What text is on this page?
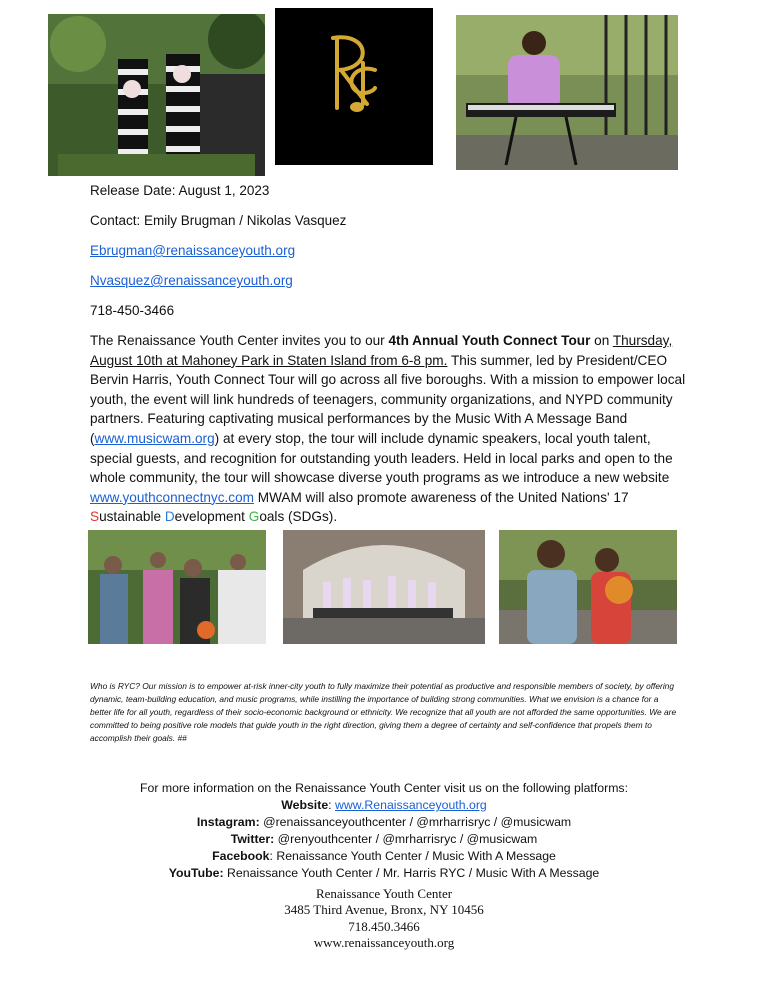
Release Date: August 1, 2023
Contact: Emily Brugman / Nikolas Vasquez
Ebrugman@renaissanceyouth.org
Nvasquez@renaissanceyouth.org
718-450-3466
The Renaissance Youth Center invites you to our 4th Annual Youth Connect Tour on Thursday, August 10th at Mahoney Park in Staten Island from 6-8 pm. This summer, led by President/CEO Bervin Harris, Youth Connect Tour will go across all five boroughs. With a mission to empower local youth, the event will link hundreds of teenagers, community organizations, and NYPD community partners. Featuring captivating musical performances by the Music With A Message Band (www.musicwam.org) at every stop, the tour will include dynamic speakers, local youth talent, special guests, and recognition for outstanding youth leaders. Held in local parks and open to the whole community, the tour will showcase diverse youth programs as we introduce a new website www.youthconnectnyc.com MWAM will also promote awareness of the United Nations' 17 Sustainable Development Goals (SDGs).
Who is RYC? Our mission is to empower at-risk inner-city youth to fully maximize their potential as productive and responsible members of society, by offering dynamic, team-building education, and music programs, while instilling the importance of building strong communities. What we envision is a chance for a better life for all youth, regardless of their socio-economic background or ethnicity. We recognize that all youth are not afforded the same opportunities. We are committed to being positive role models that guide youth in the right direction, giving them a degree of certainty and self-confidence that propels them to accomplish their goals. ##
For more information on the Renaissance Youth Center visit us on the following platforms:
Website: www.Renaissanceyouth.org
Instagram: @renaissanceyouthcenter / @mrharrisryc / @musicwam
Twitter: @renyouthcenter / @mrharrisryc / @musicwam
Facebook: Renaissance Youth Center / Music With A Message
YouTube: Renaissance Youth Center / Mr. Harris RYC / Music With A Message
Renaissance Youth Center
3485 Third Avenue, Bronx, NY 10456
718.450.3466
www.renaissanceyouth.org
